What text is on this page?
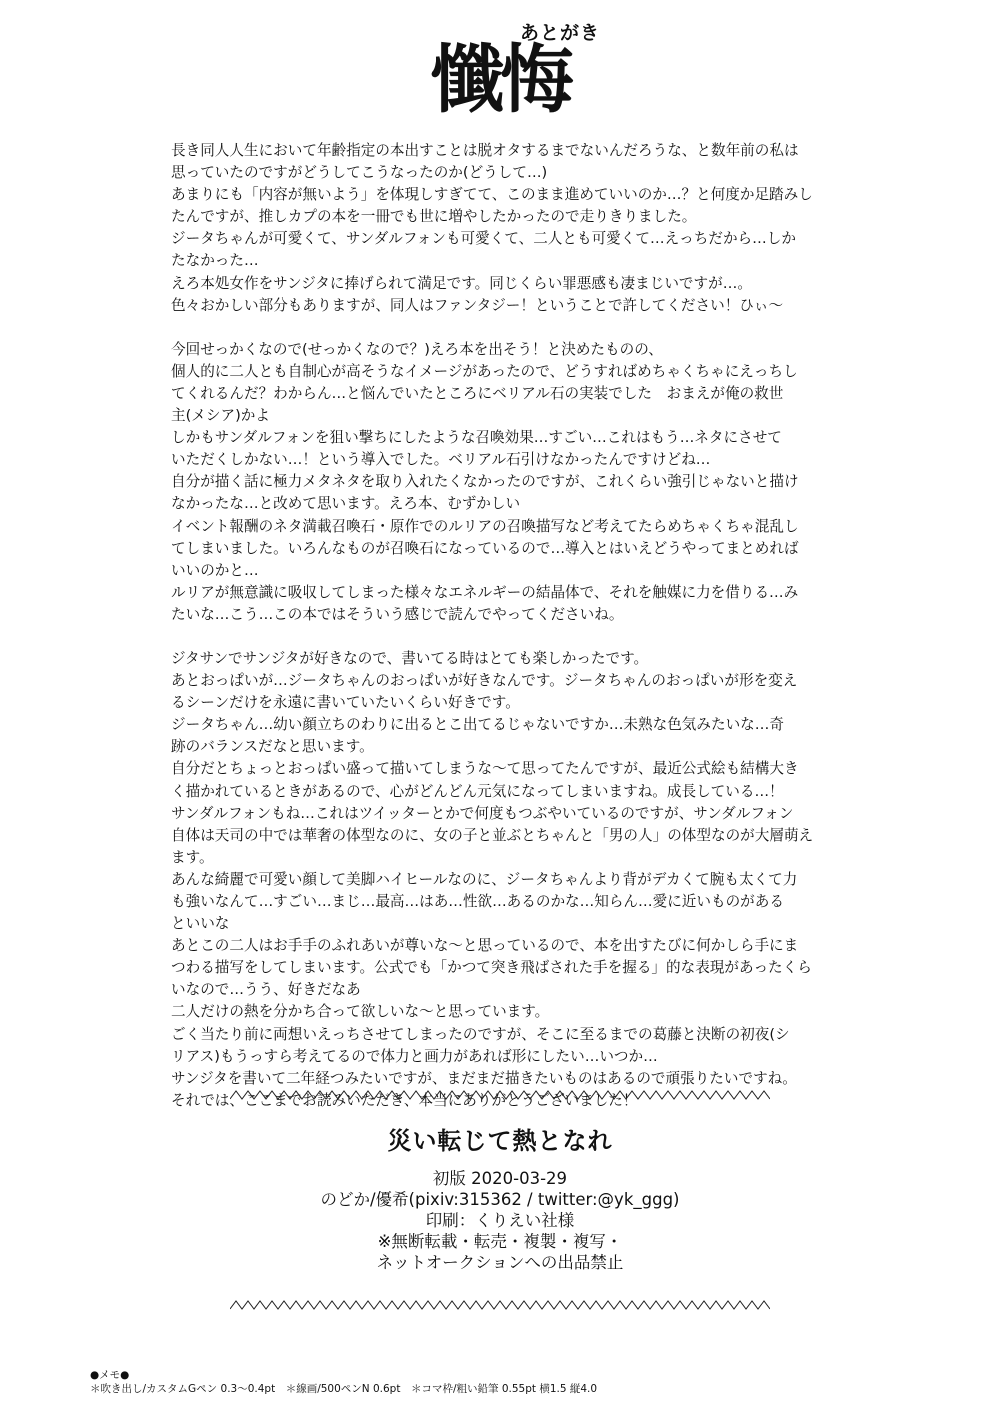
懺悔
あとがき
長き同人人生において年齢指定の本出すことは脱オタするまでないんだろうな、と数年前の私は
思っていたのですがどうしてこうなったのか(どうして…)
あまりにも「内容が無いよう」を体現しすぎてて、このまま進めていいのか…？と何度か足踏みし
たんですが、推しカプの本を一冊でも世に増やしたかったので走りきりました。
ジータちゃんが可愛くて、サンダルフォンも可愛くて、二人とも可愛くて…えっちだから…しか
たなかった…
えろ本処女作をサンジタに捧げられて満足です。同じくらい罪悪感も凄まじいですが…。
色々おかしい部分もありますが、同人はファンタジー！ということで許してください！ひぃ～
今回せっかくなので(せっかくなので？)えろ本を出そう！と決めたものの、
個人的に二人とも自制心が高そうなイメージがあったので、どうすればめちゃくちゃにえっちし
てくれるんだ？わからん…と悩んでいたところにベリアル石の実装でした　おまえが俺の救世
主(メシア)かよ
しかもサンダルフォンを狙い撃ちにしたような召喚効果…すごい…これはもう…ネタにさせて
いただくしかない…！という導入でした。ベリアル石引けなかったんですけどね…
自分が描く話に極力メタネタを取り入れたくなかったのですが、これくらい強引じゃないと描け
なかったな…と改めて思います。えろ本、むずかしい
イベント報酬のネタ満載召喚石・原作でのルリアの召喚描写など考えてたらめちゃくちゃ混乱し
てしまいました。いろんなものが召喚石になっているので…導入とはいえどうやってまとめれば
いいのかと…
ルリアが無意識に吸収してしまった様々なエネルギーの結晶体で、それを触媒に力を借りる…み
たいな…こう…この本ではそういう感じで読んでやってくださいね。
ジタサンでサンジタが好きなので、書いてる時はとても楽しかったです。
あとおっぱいが…ジータちゃんのおっぱいが好きなんです。ジータちゃんのおっぱいが形を変え
るシーンだけを永遠に書いていたいくらい好きです。
ジータちゃん…幼い顔立ちのわりに出るとこ出てるじゃないですか…未熟な色気みたいな…奇
跡のバランスだなと思います。
自分だとちょっとおっぱい盛って描いてしまうな～て思ってたんですが、最近公式絵も結構大き
く描かれているときがあるので、心がどんどん元気になってしまいますね。成長している…！
サンダルフォンもね…これはツイッターとかで何度もつぶやいているのですが、サンダルフォン
自体は天司の中では華奢の体型なのに、女の子と並ぶとちゃんと「男の人」の体型なのが大層萌え
ます。
あんな綺麗で可愛い顔して美脚ハイヒールなのに、ジータちゃんより背がデカくて腕も太くて力
も強いなんて…すごい…まじ…最高…はあ…性欲…あるのかな…知らん…愛に近いものがある
といいな
あとこの二人はお手手のふれあいが尊いな～と思っているので、本を出すたびに何かしら手にま
つわる描写をしてしまいます。公式でも「かつて突き飛ばされた手を握る」的な表現があったくら
いなので…うう、好きだなあ
二人だけの熱を分かち合って欲しいな～と思っています。
ごく当たり前に両想いえっちさせてしまったのですが、そこに至るまでの葛藤と決断の初夜(シ
リアス)もうっすら考えてるので体力と画力があれば形にしたい…いつか…
サンジタを書いて二年経つみたいですが、まだまだ描きたいものはあるので頑張りたいですね。
それでは、ここまでお読みいただき、本当にありがとうございました！
災い転じて熱となれ
初版 2020-03-29
のどか/優希(pixiv:315362 / twitter:@yk_ggg)
印刷：くりえい社様
※無断転載・転売・複製・複写・
ネットオークションへの出品禁止
●メモ●
＊吹き出し/カスタムGペン 0.3～0.4pt　＊線画/500ペンN 0.6pt　＊コマ枠/粗い鉛筆 0.55pt 横1.5 縦4.0
